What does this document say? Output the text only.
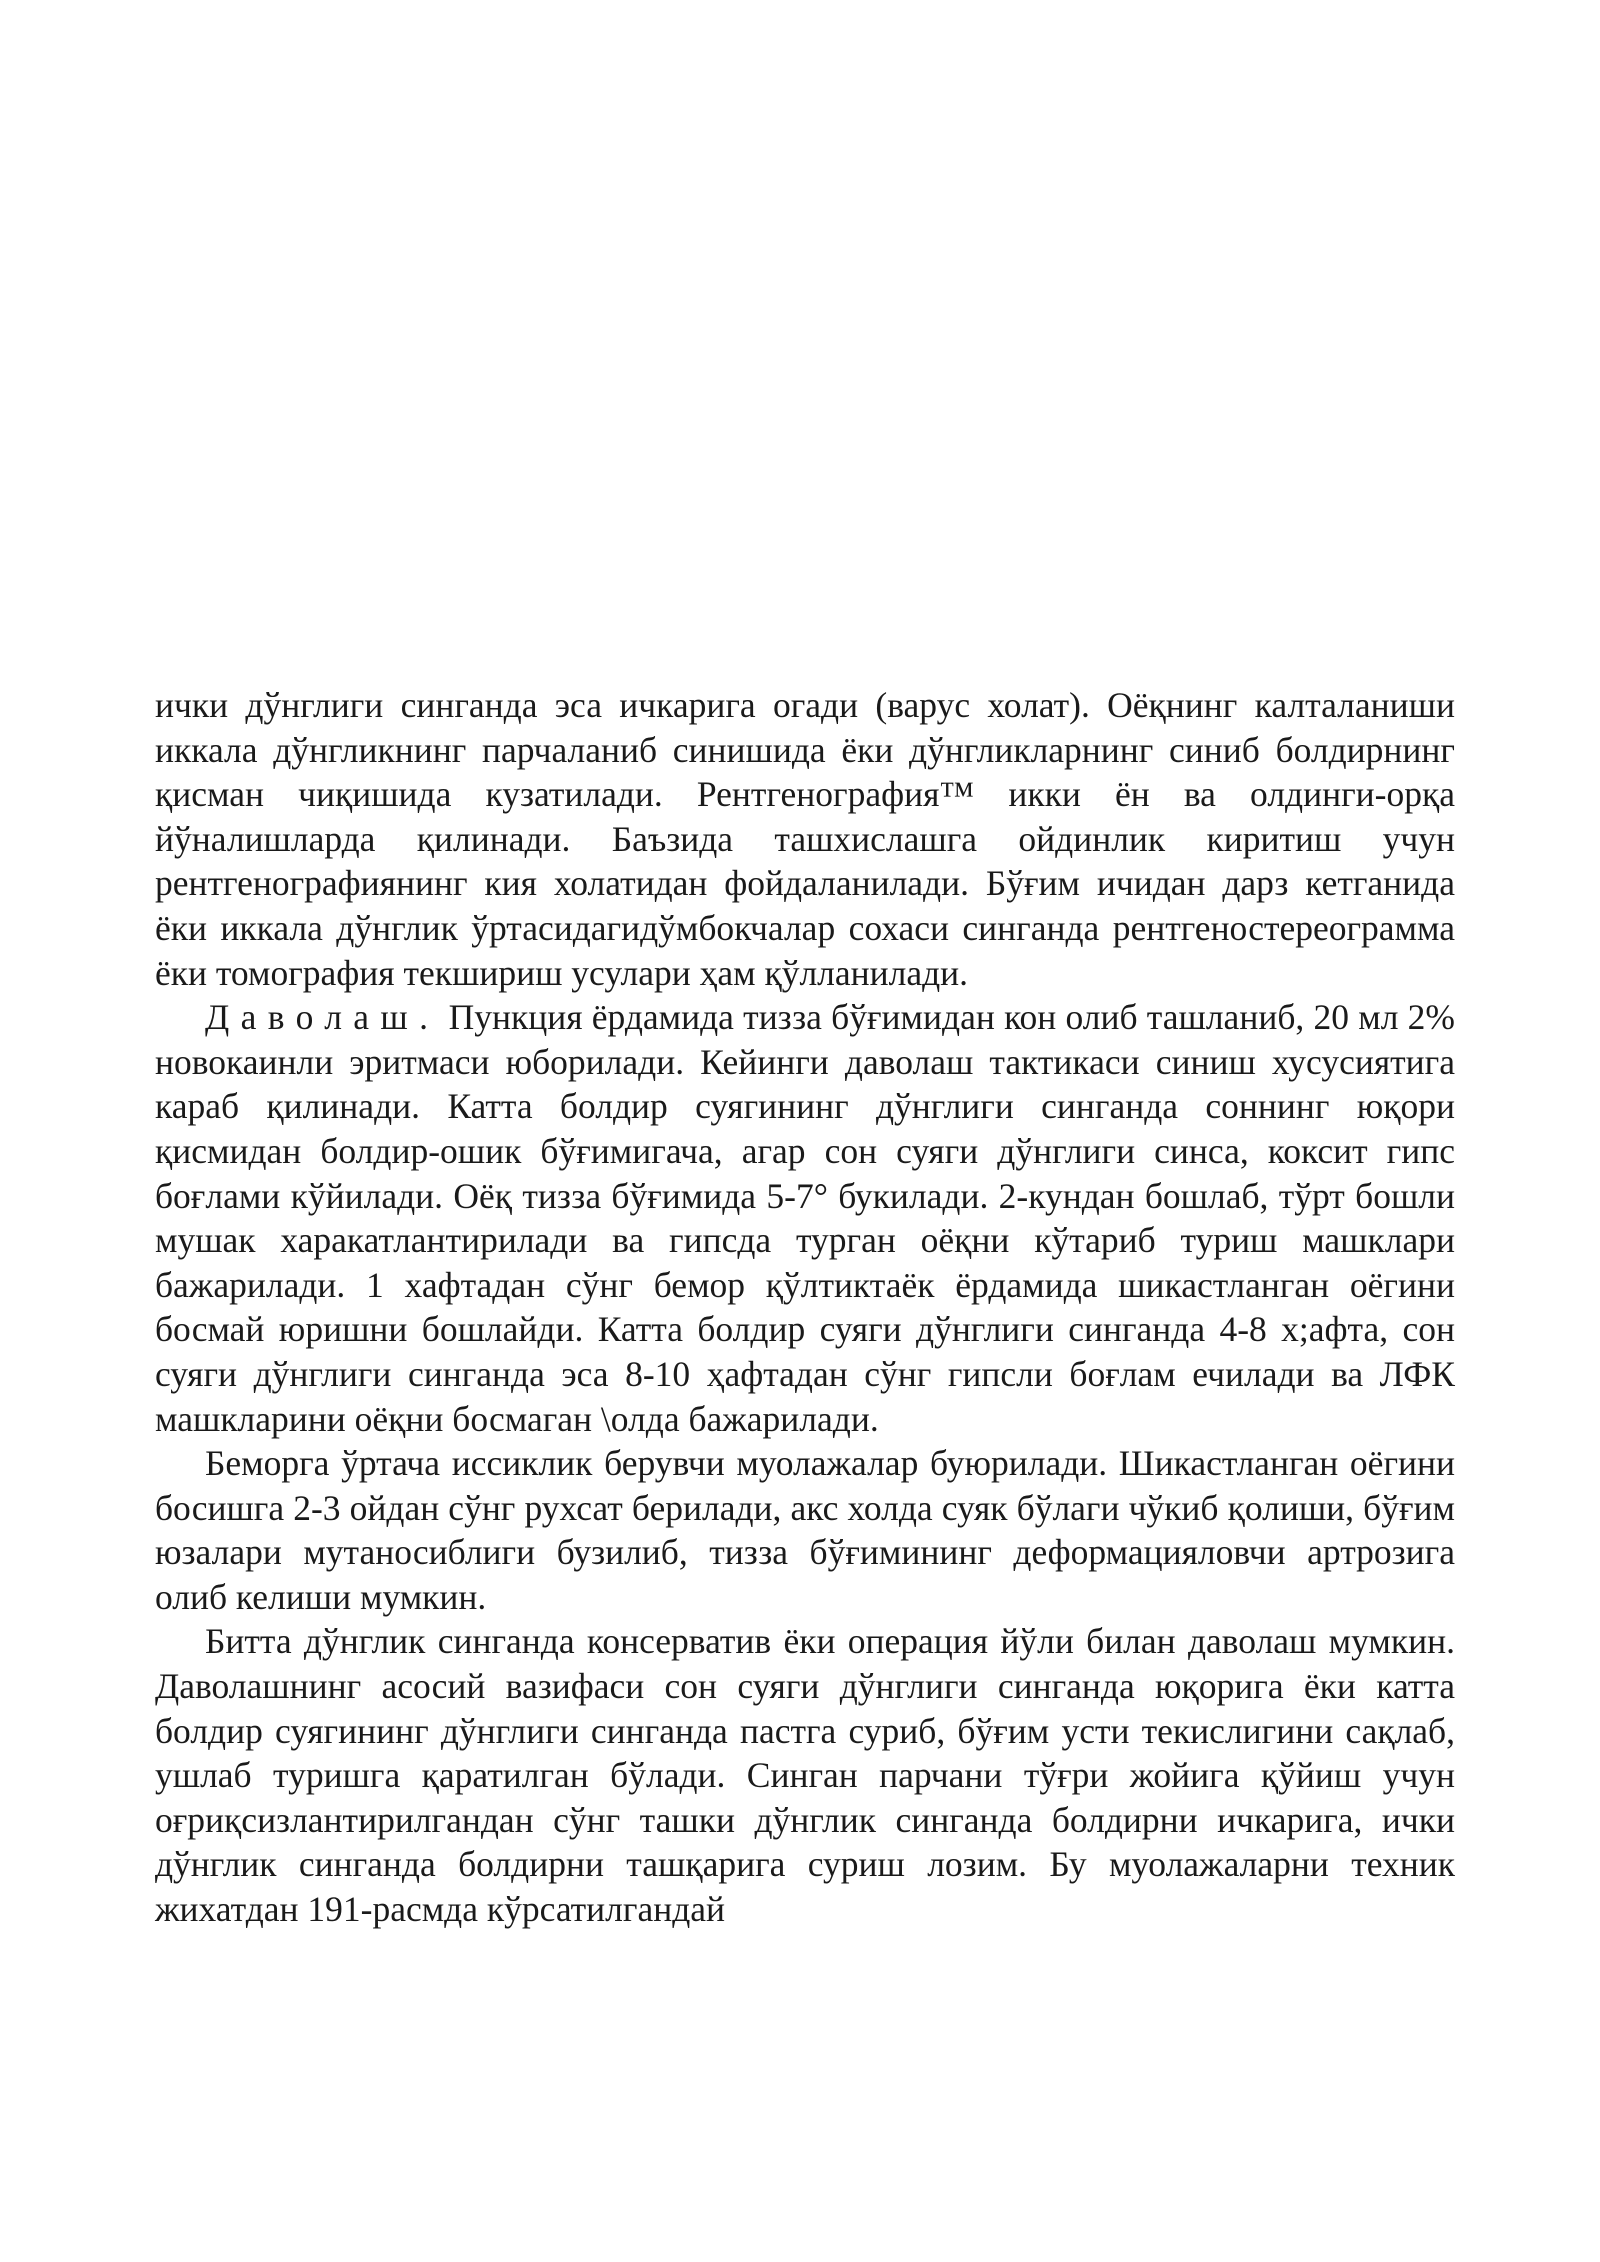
ички дўнглиги синганда эса ичкарига огади (варус холат). Оёқнинг калталаниши иккала дўнгликнинг парчаланиб синишида ёки дўнгликларнинг синиб болдирнинг қисман чиқишида кузатилади. Рентгенография™ икки ён ва олдинги-орқа йўналишларда қилинади. Баъзида ташхислашга ойдинлик киритиш учун рентгенографиянинг кия холатидан фойдаланилади. Бўғим ичидан дарз кетганида ёки иккала дўнглик ўртасидагидўмбокчалар сохаси синганда рентгеностереограмма ёки томография текшириш усулари ҳам қўлланилади.

Даволаш. Пункция ёрдамида тизза бўғимидан кон олиб ташланиб, 20 мл 2% новокаинли эритмаси юборилади. Кейинги даволаш тактикаси синиш хусусиятига караб қилинади. Катта болдир суягининг дўнглиги синганда соннинг юқори қисмидан болдир-ошик бўғимигача, агар сон суяги дўнглиги синса, коксит гипс боғлами кўйилади. Оёқ тизза бўғимида 5-7° букилади. 2-кундан бошлаб, тўрт бошли мушак харакатлантирилади ва гипсда турган оёқни кўтариб туриш машклари бажарилади. 1 хафтадан сўнг бемор қўлтиктаёк ёрдамида шикастланган оёгини босмай юришни бошлайди. Катта болдир суяги дўнглиги синганда 4-8 х;афта, сон суяги дўнглиги синганда эса 8-10 ҳафтадан сўнг гипсли боғлам ечилади ва ЛФК машкларини оёқни босмаган \олда бажарилади.

Беморга ўртача иссиклик берувчи муолажалар буюрилади. Шикастланган оёгини босишга 2-3 ойдан сўнг рухсат берилади, акс холда суяк бўлаги чўкиб қолиши, бўғим юзалари мутаносиблиги бузилиб, тизза бўғимининг деформацияловчи артрозига олиб келиши мумкин.

Битта дўнглик синганда консерватив ёки операция йўли билан даволаш мумкин. Даволашнинг асосий вазифаси сон суяги дўнглиги синганда юқорига ёки катта болдир суягининг дўнглиги синганда пастга суриб, бўғим усти текислигини сақлаб, ушлаб туришга қаратилган бўлади. Синган парчани тўғри жойига қўйиш учун оғриқсизлантирилгандан сўнг ташки дўнглик синганда болдирни ичкарига, ички дўнглик синганда болдирни ташқарига суриш лозим. Бу муолажаларни техник жихатдан 191-расмда кўрсатилгандай
